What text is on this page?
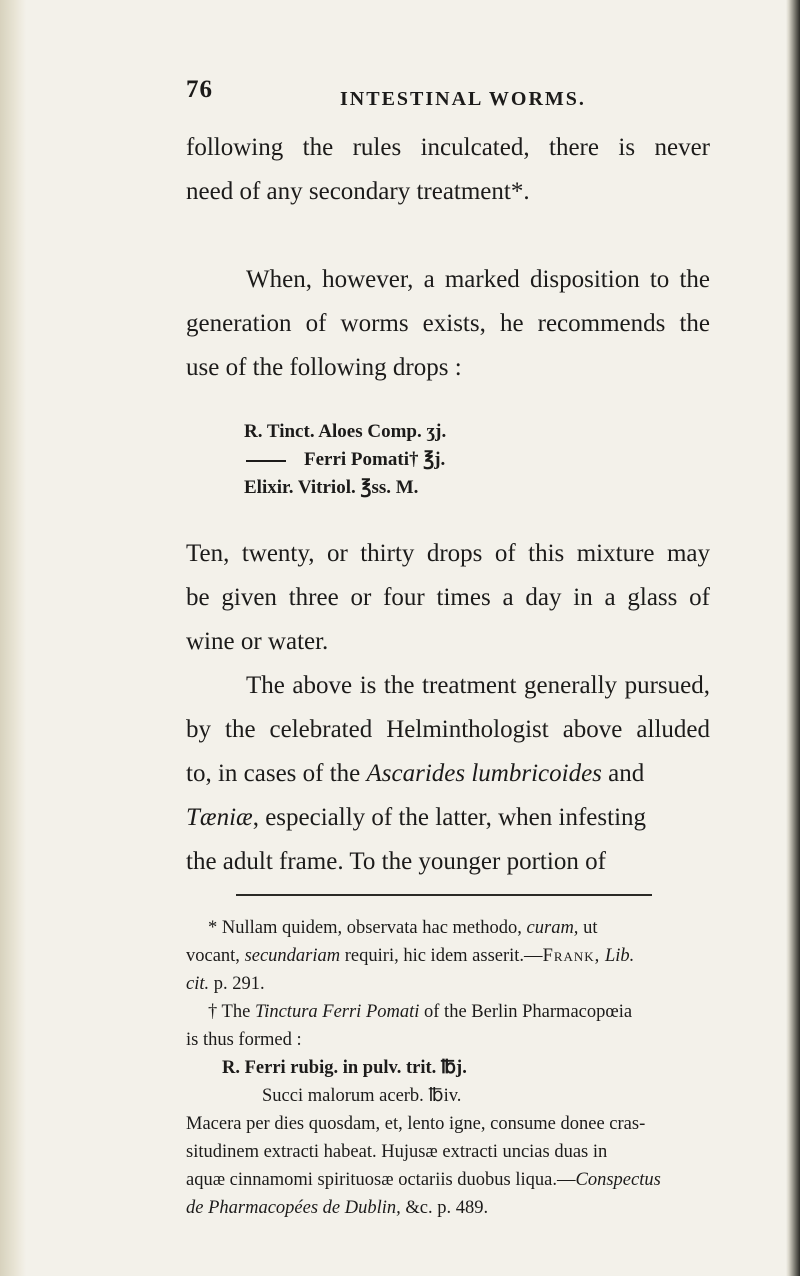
76	INTESTINAL WORMS.
following the rules inculcated, there is never
need of any secondary treatment*.
When, however, a marked disposition to the
generation of worms exists, he recommends the
use of the following drops :
R. Tinct. Aloes Comp. ʒj.
Ferri Pomati† ℥j.
Elixir. Vitriol. ℥ss. M.
Ten, twenty, or thirty drops of this mixture may
be given three or four times a day in a glass of
wine or water.
The above is the treatment generally pursued,
by the celebrated Helminthologist above alluded
to, in cases of the Ascarides lumbricoides and
Tæniæ, especially of the latter, when infesting
the adult frame. To the younger portion of
* Nullam quidem, observata hac methodo, curam, ut
vocant, secundariam requiri, hic idem asserit.—Frank, Lib.
cit. p. 291.
† The Tinctura Ferri Pomati of the Berlin Pharmacopœia
is thus formed :
R. Ferri rubig. in pulv. trit. ℔j.
Succi malorum acerb. ℔iv.
Macera per dies quosdam, et, lento igne, consume donee cras-
situdinem extracti habeat. Hujusæ extracti uncias duas in
aquæ cinnamomi spirituosæ octariis duobus liqua.—Conspectus
de Pharmacopées de Dublin, &c. p. 489.
